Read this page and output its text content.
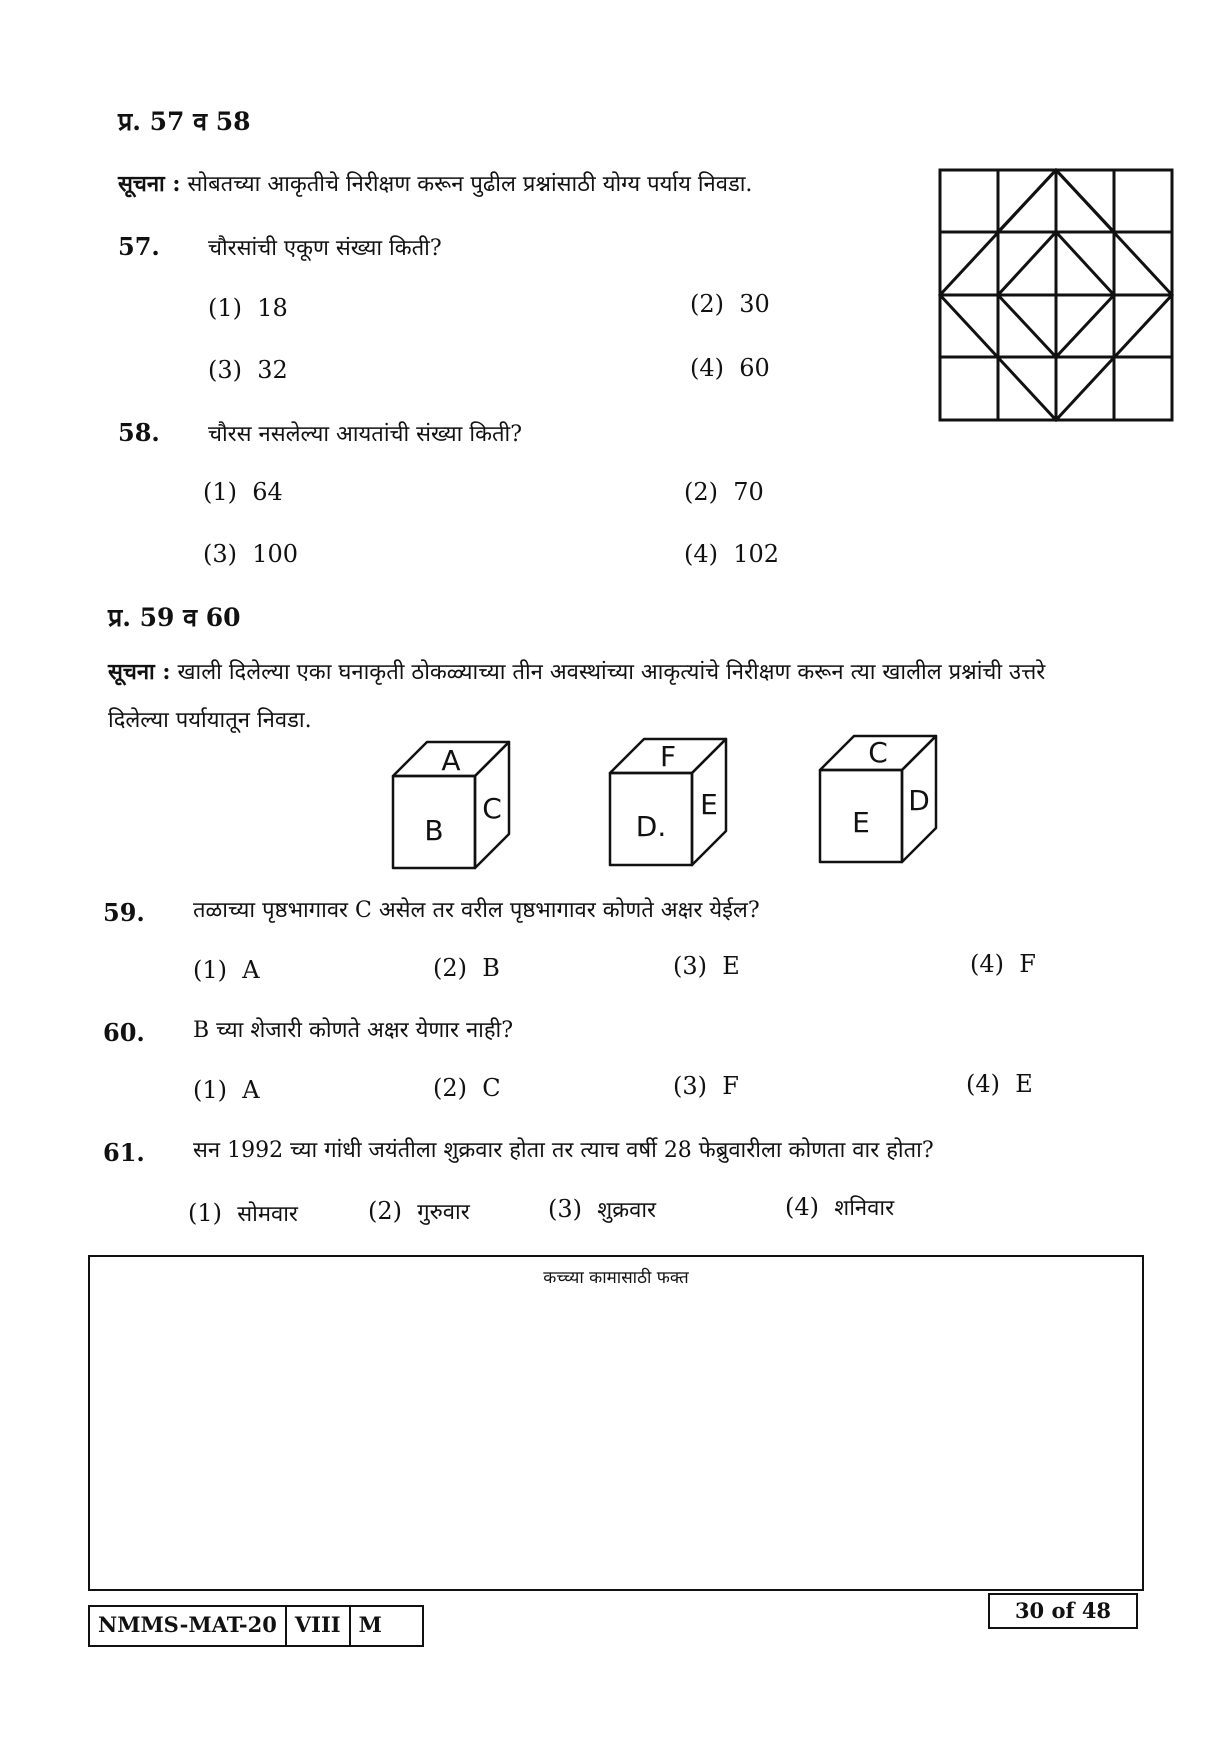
प्र. 57 व 58
सूचना : सोबतच्या आकृतीचे निरीक्षण करून पुढील प्रश्नांसाठी योग्य पर्याय निवडा.
57. चौरसांची एकूण संख्या किती?
(1) 18	(2) 30
(3) 32	(4) 60
58. चौरस नसलेल्या आयतांची संख्या किती?
(1) 64	(2) 70
(3) 100	(4) 102
प्र. 59 व 60
सूचना : खाली दिलेल्या एका घनाकृती ठोकळ्याच्या तीन अवस्थांच्या आकृत्यांचे निरीक्षण करून त्या खालील प्रश्नांची उत्तरे
दिलेल्या पर्यायातून निवडा.
A
B
C
F
D.
E
C
E
D
59. तळाच्या पृष्ठभागावर C असेल तर वरील पृष्ठभागावर कोणते अक्षर येईल?
(1) A	(2) B	(3) E	(4) F
60. B च्या शेजारी कोणते अक्षर येणार नाही?
(1) A	(2) C	(3) F	(4) E
61. सन 1992 च्या गांधी जयंतीला शुक्रवार होता तर त्याच वर्षी 28 फेब्रुवारीला कोणता वार होता?
(1) सोमवार	(2) गुरुवार	(3) शुक्रवार	(4) शनिवार
कच्च्या कामासाठी फक्त
NMMS-MAT-20 VIII M
30 of 48
